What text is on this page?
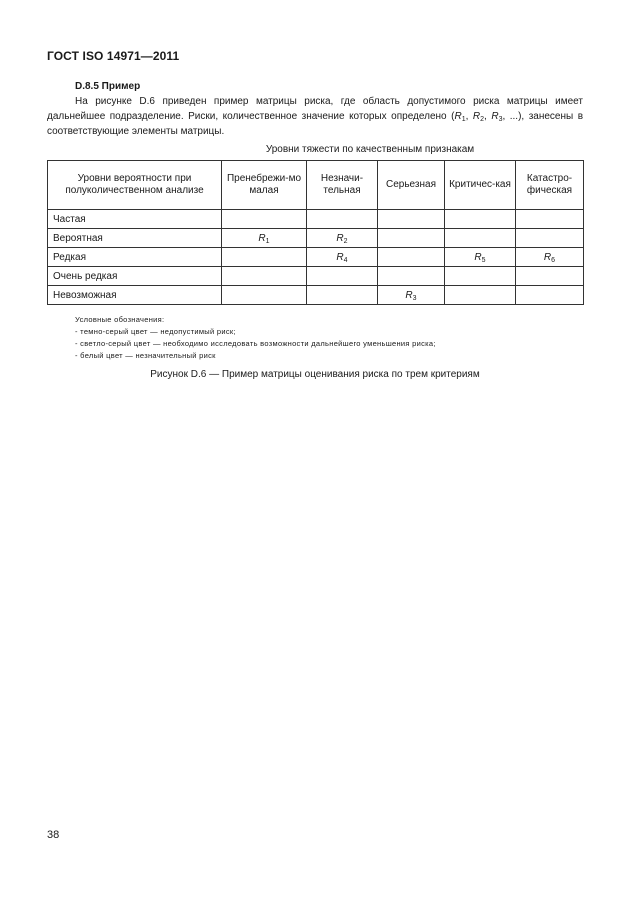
ГОСТ ISO 14971—2011
D.8.5 Пример
На рисунке D.6 приведен пример матрицы риска, где область допустимого риска матрицы имеет дальнейшее подразделение. Риски, количественное значение которых определено ($R_1$, $R_2$, $R_3$, ...), занесены в соответствующие элементы матрицы.
Уровни тяжести по качественным признакам
Уровни вероятности при полуколичественном анализе	Пренебрежи-мо малая	Незначи-тельная	Серьезная	Критичес-кая	Катастро-фическая
Частая					
Вероятная	$R_1$	$R_2$			
Редкая		$R_4$		$R_5$	$R_6$
Очень редкая					
Невозможная			$R_3$		
Условные обозначения:
- темно-серый цвет — недопустимый риск;
- светло-серый цвет — необходимо исследовать возможности дальнейшего уменьшения риска;
- белый цвет — незначительный риск
Рисунок D.6 — Пример матрицы оценивания риска по трем критериям
38
